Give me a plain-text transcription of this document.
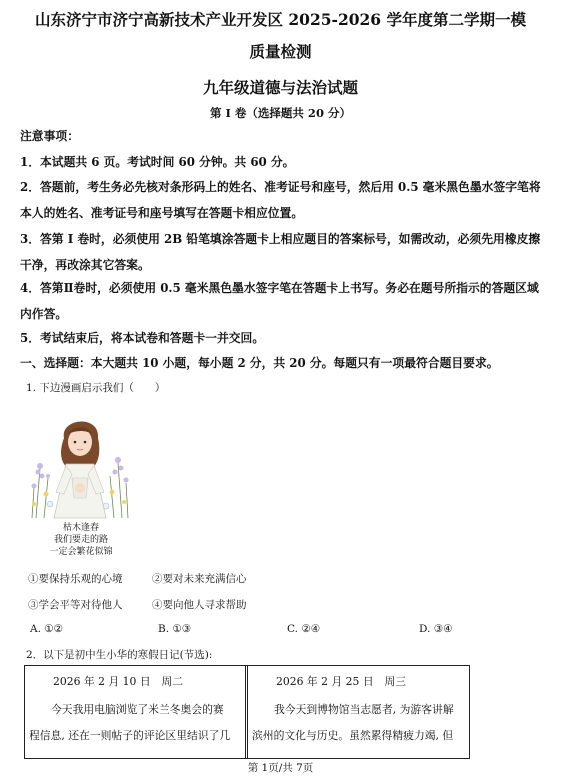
山东济宁市济宁高新技术产业开发区 2025-2026 学年度第二学期一模
质量检测
九年级道德与法治试题
第 I 卷（选择题共 20 分）
注意事项：
1．本试题共 6 页。考试时间 60 分钟。共 60 分。
2．答题前，考生务必先核对条形码上的姓名、准考证号和座号，然后用 0.5 毫米黑色墨水签字笔将本人的姓名、准考证号和座号填写在答题卡相应位置。
3．答第 I 卷时，必须使用 2B 铅笔填涂答题卡上相应题目的答案标号，如需改动，必须先用橡皮擦干净，再改涂其它答案。
4．答第Ⅱ卷时，必须使用 0.5 毫米黑色墨水签字笔在答题卡上书写。务必在题号所指示的答题区域内作答。
5．考试结束后，将本试卷和答题卡一并交回。
一、选择题：本大题共 10 小题，每小题 2 分，共 20 分。每题只有一项最符合题目要求。
1. 下边漫画启示我们（　　）
枯木逢春
我们要走的路
一定会繁花似锦
①要保持乐观的心境	②要对未来充满信心
③学会平等对待他人	④要向他人寻求帮助
A. ①②	B. ①③	C. ②④	D. ③④
2．以下是初中生小华的寒假日记(节选):
2026 年 2 月 10 日　周二
今天我用电脑浏览了米兰冬奥会的赛
程信息, 还在一则帖子的评论区里结识了几
2026 年 2 月 25 日　周三
我今天到博物馆当志愿者, 为游客讲解
滨州的文化与历史。虽然累得精疲力竭, 但
第 1页/共 7页
